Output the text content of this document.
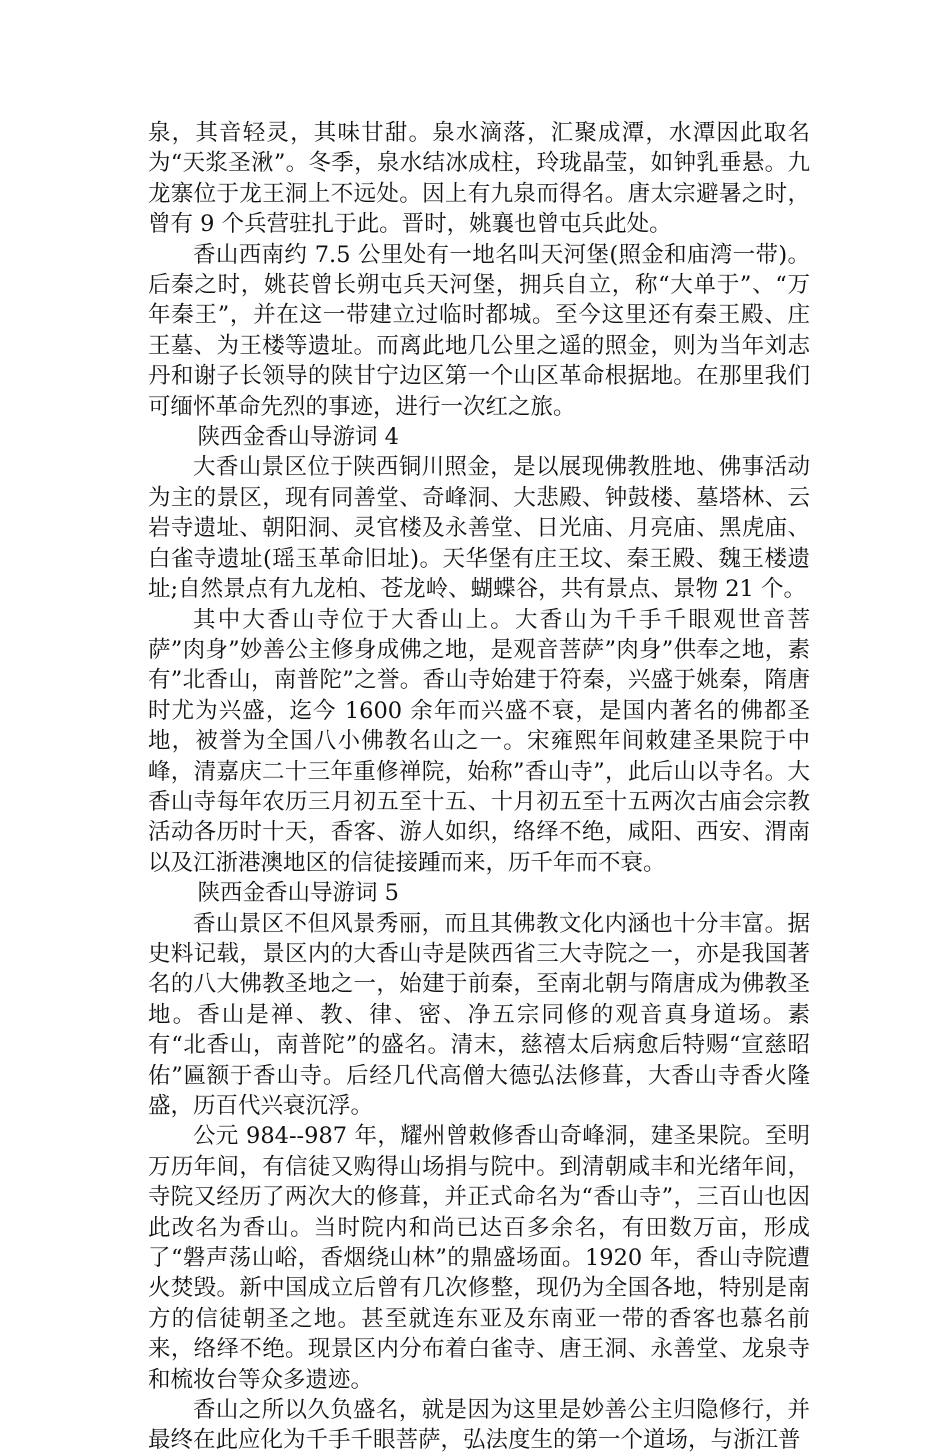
泉，其音轻灵，其味甘甜。泉水滴落，汇聚成潭，水潭因此取名为“天浆圣湫”。冬季，泉水结冰成柱，玲珑晶莹，如钟乳垂悬。九龙寨位于龙王洞上不远处。因上有九泉而得名。唐太宗避暑之时，曾有 9 个兵营驻扎于此。晋时，姚襄也曾屯兵此处。

香山西南约 7.5 公里处有一地名叫天河堡(照金和庙湾一带)。后秦之时，姚苌曾长朔屯兵天河堡，拥兵自立，称“大单于”、“万年秦王”，并在这一带建立过临时都城。至今这里还有秦王殿、庄王墓、为王楼等遗址。而离此地几公里之遥的照金，则为当年刘志丹和谢子长领导的陕甘宁边区第一个山区革命根据地。在那里我们可缅怀革命先烈的事迹，进行一次红之旅。

陕西金香山导游词 4

大香山景区位于陕西铜川照金，是以展现佛教胜地、佛事活动为主的景区，现有同善堂、奇峰洞、大悲殿、钟鼓楼、墓塔林、云岩寺遗址、朝阳洞、灵官楼及永善堂、日光庙、月亮庙、黑虎庙、白雀寺遗址(瑶玉革命旧址)。天华堡有庄王坟、秦王殿、魏王楼遗址;自然景点有九龙柏、苍龙岭、蝴蝶谷，共有景点、景物 21 个。

其中大香山寺位于大香山上。大香山为千手千眼观世音菩萨”肉身”妙善公主修身成佛之地，是观音菩萨”肉身”供奉之地，素有”北香山，南普陀”之誉。香山寺始建于符秦，兴盛于姚秦，隋唐时尤为兴盛，迄今 1600 余年而兴盛不衰，是国内著名的佛都圣地，被誉为全国八小佛教名山之一。宋雍熙年间敕建圣果院于中峰，清嘉庆二十三年重修禅院，始称”香山寺”，此后山以寺名。大香山寺每年农历三月初五至十五、十月初五至十五两次古庙会宗教活动各历时十天，香客、游人如织，络绎不绝，咸阳、西安、渭南以及江浙港澳地区的信徒接踵而来，历千年而不衰。

陕西金香山导游词 5

香山景区不但风景秀丽，而且其佛教文化内涵也十分丰富。据史料记载，景区内的大香山寺是陕西省三大寺院之一，亦是我国著名的八大佛教圣地之一，始建于前秦，至南北朝与隋唐成为佛教圣地。香山是禅、教、律、密、净五宗同修的观音真身道场。素有“北香山，南普陀”的盛名。清末，慈禧太后病愈后特赐“宣慈昭佑”匾额于香山寺。后经几代高僧大德弘法修葺，大香山寺香火隆盛，历百代兴衰沉浮。

公元 984--987 年，耀州曾敕修香山奇峰洞，建圣果院。至明万历年间，有信徒又购得山场捐与院中。到清朝咸丰和光绪年间，寺院又经历了两次大的修葺，并正式命名为“香山寺”，三百山也因此改名为香山。当时院内和尚已达百多余名，有田数万亩，形成了“磐声荡山峪，香烟绕山林”的鼎盛场面。1920 年，香山寺院遭火焚毁。新中国成立后曾有几次修整，现仍为全国各地，特别是南方的信徒朝圣之地。甚至就连东亚及东南亚一带的香客也慕名前来，络绎不绝。现景区内分布着白雀寺、唐王洞、永善堂、龙泉寺和梳妆台等众多遗迹。

香山之所以久负盛名，就是因为这里是妙善公主归隐修行，并最终在此应化为千手千眼菩萨，弘法度生的第一个道场，与浙江普
